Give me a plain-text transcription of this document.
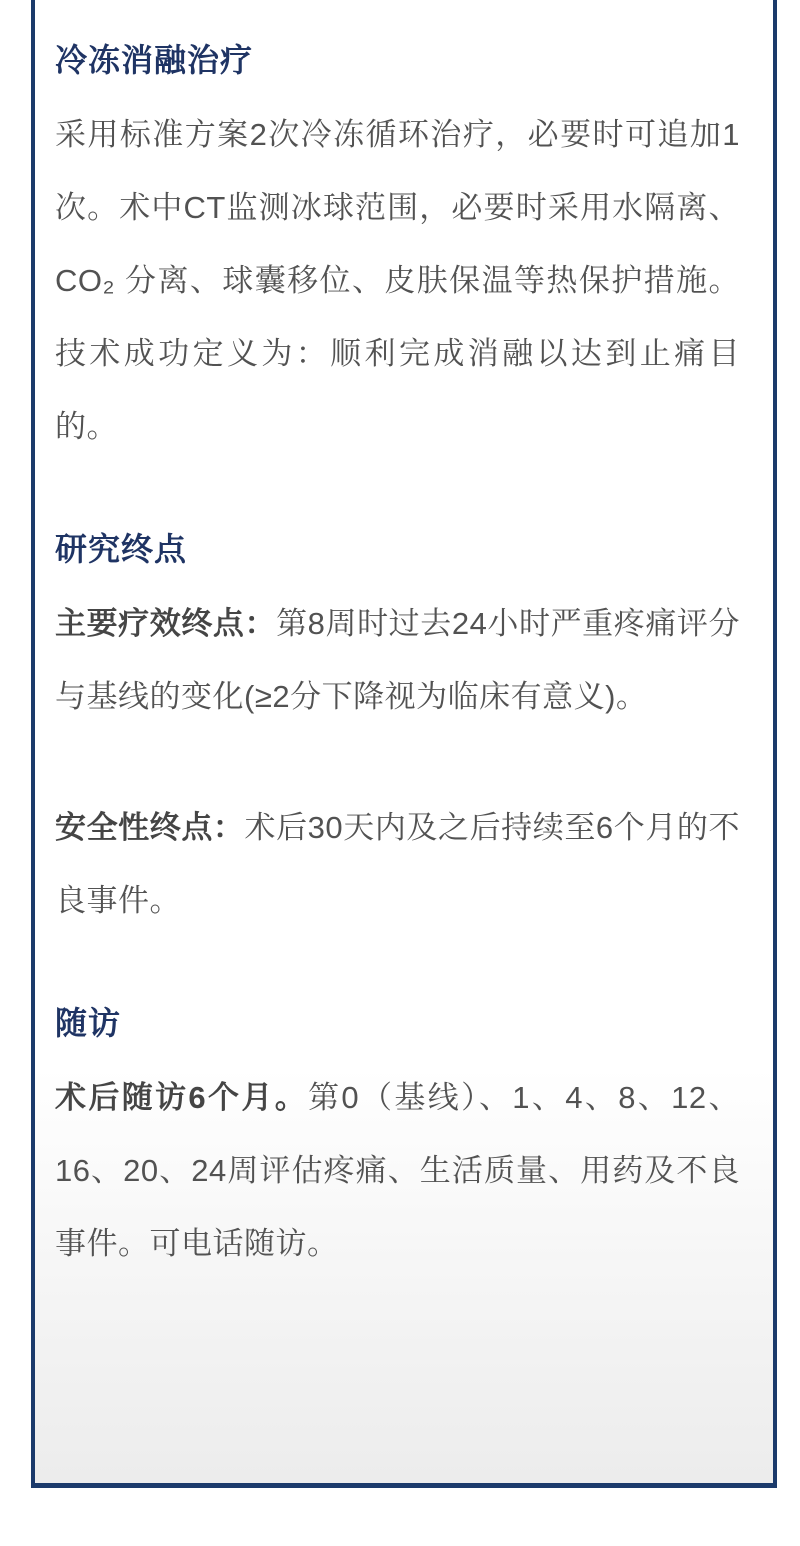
冷冻消融治疗

采用标准方案2次冷冻循环治疗，必要时可追加1次。术中CT监测冰球范围，必要时采用水隔离、CO₂ 分离、球囊移位、皮肤保温等热保护措施。技术成功定义为：顺利完成消融以达到止痛目的。

研究终点

主要疗效终点：第8周时过去24小时严重疼痛评分与基线的变化(≥2分下降视为临床有意义)。

安全性终点：术后30天内及之后持续至6个月的不良事件。

随访

术后随访6个月。第0（基线）、1、4、8、12、16、20、24周评估疼痛、生活质量、用药及不良事件。可电话随访。
